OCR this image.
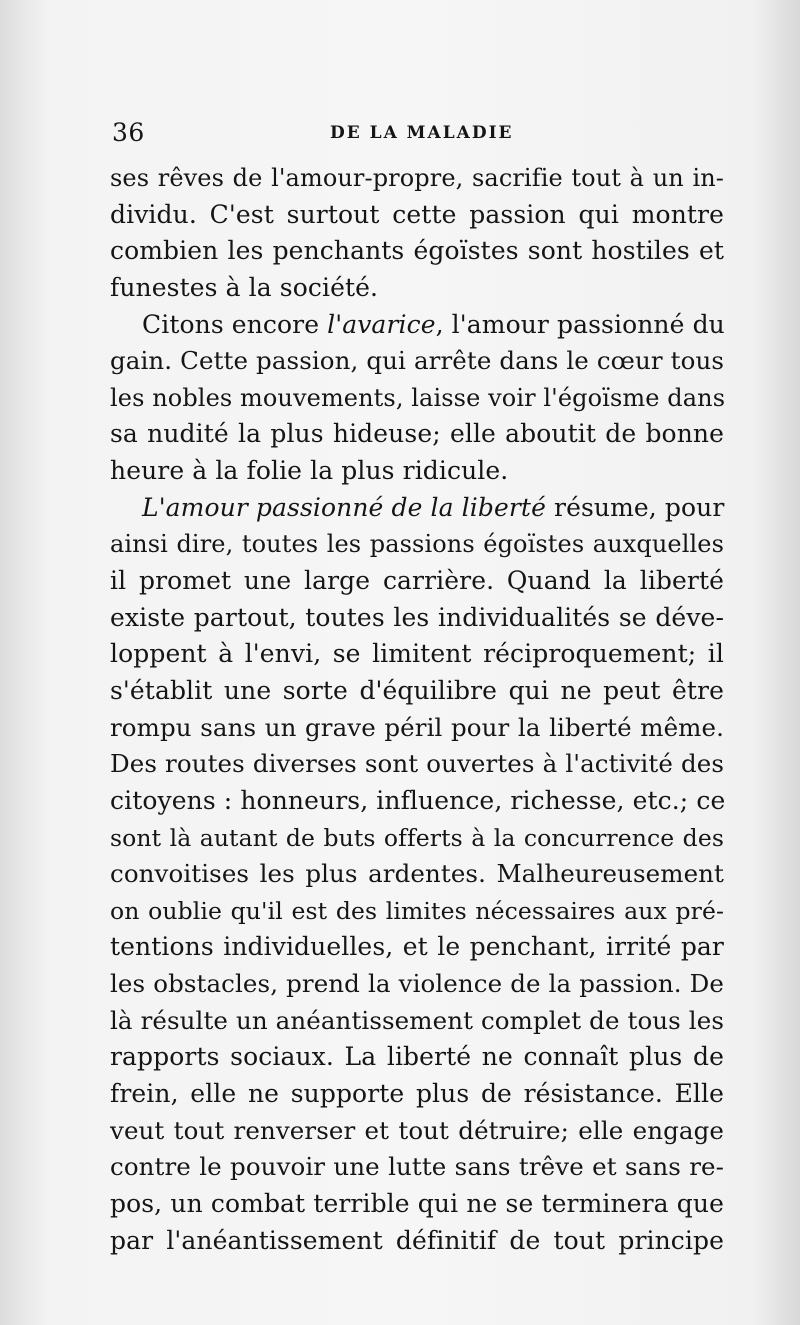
36	DE LA MALADIE
ses rêves de l'amour-propre, sacrifie tout à un in-
dividu. C'est surtout cette passion qui montre
combien les penchants égoïstes sont hostiles et
funestes à la société.
Citons encore l'avarice, l'amour passionné du
gain. Cette passion, qui arrête dans le cœur tous
les nobles mouvements, laisse voir l'égoïsme dans
sa nudité la plus hideuse; elle aboutit de bonne
heure à la folie la plus ridicule.
L'amour passionné de la liberté résume, pour
ainsi dire, toutes les passions égoïstes auxquelles
il promet une large carrière. Quand la liberté
existe partout, toutes les individualités se déve-
loppent à l'envi, se limitent réciproquement; il
s'établit une sorte d'équilibre qui ne peut être
rompu sans un grave péril pour la liberté même.
Des routes diverses sont ouvertes à l'activité des
citoyens : honneurs, influence, richesse, etc.; ce
sont là autant de buts offerts à la concurrence des
convoitises les plus ardentes. Malheureusement
on oublie qu'il est des limites nécessaires aux pré-
tentions individuelles, et le penchant, irrité par
les obstacles, prend la violence de la passion. De
là résulte un anéantissement complet de tous les
rapports sociaux. La liberté ne connaît plus de
frein, elle ne supporte plus de résistance. Elle
veut tout renverser et tout détruire; elle engage
contre le pouvoir une lutte sans trêve et sans re-
pos, un combat terrible qui ne se terminera que
par l'anéantissement définitif de tout principe
